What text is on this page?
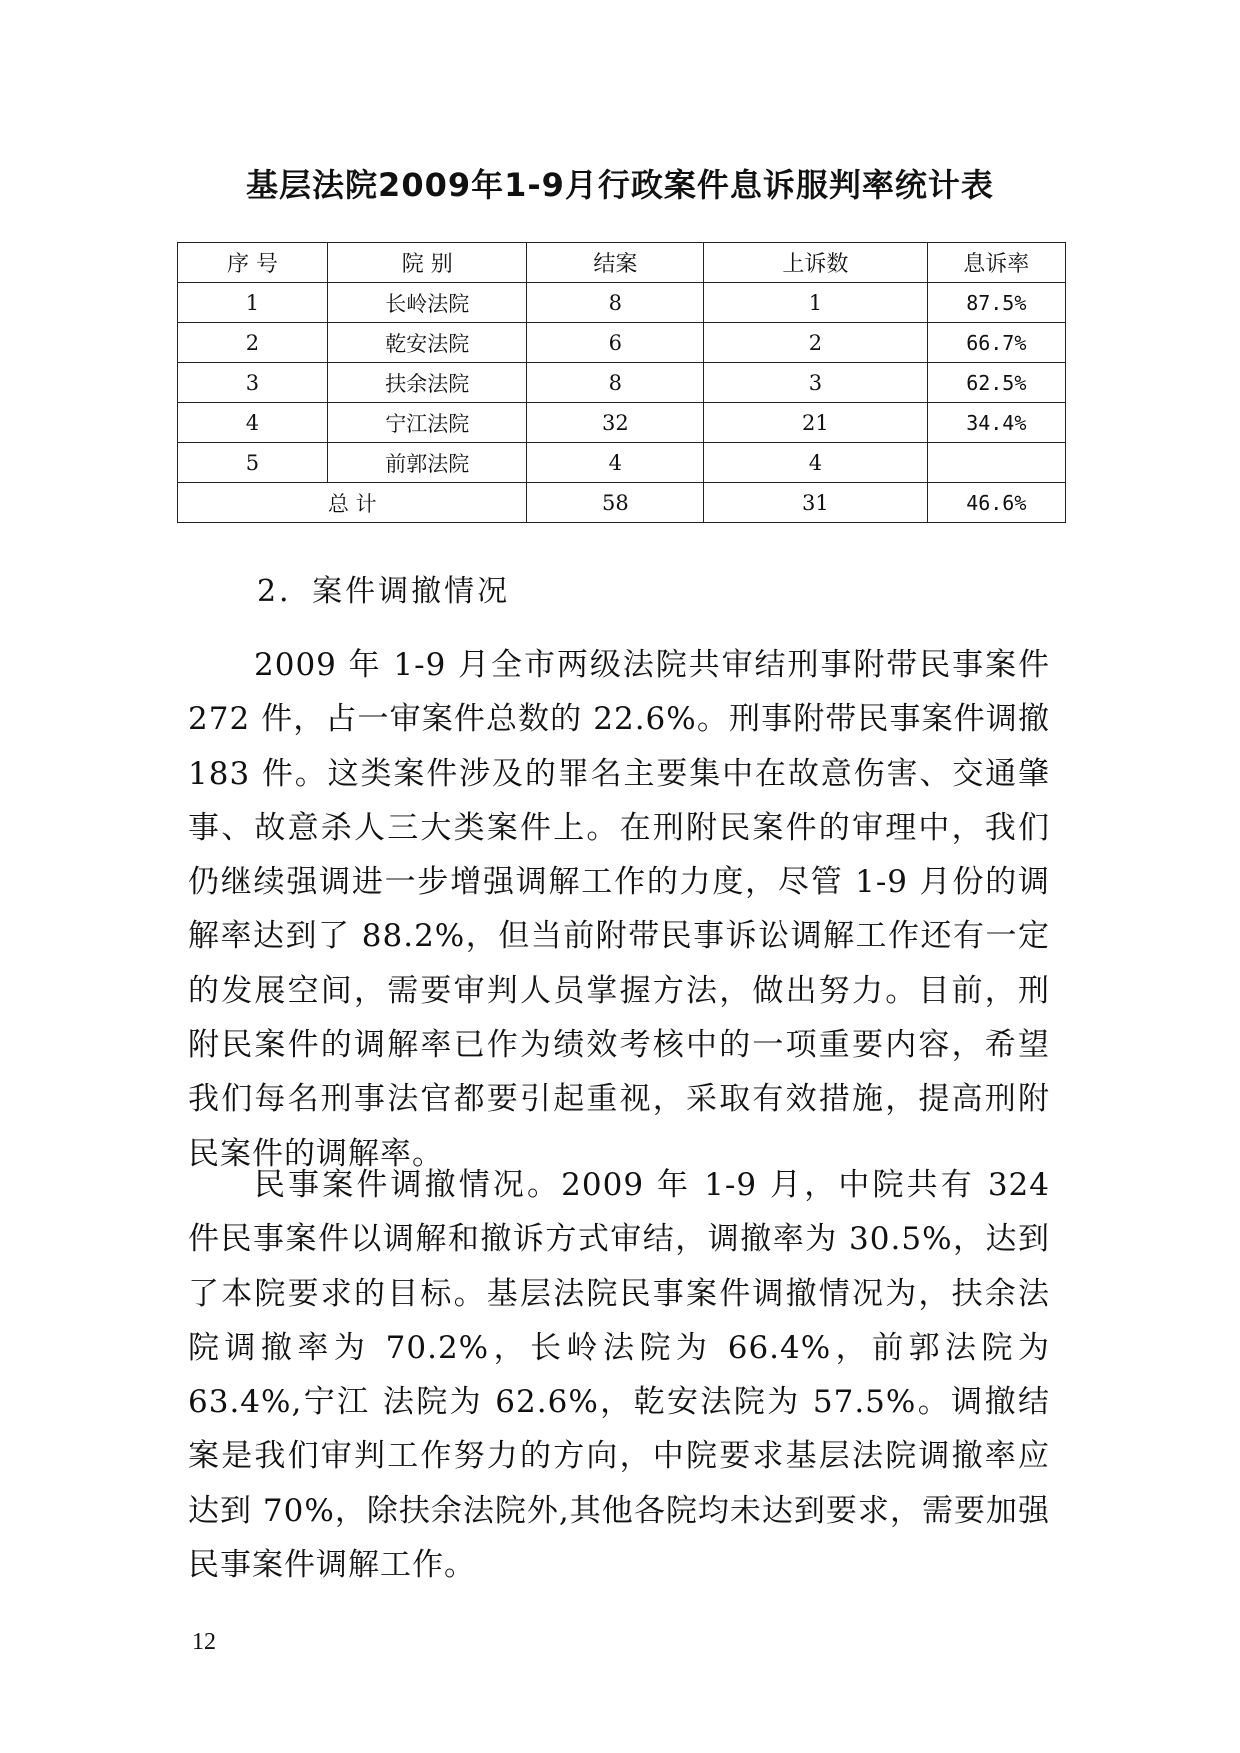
基层法院2009年1-9月行政案件息诉服判率统计表
序 号	院 别	结案	上诉数	息诉率
1	长岭法院	8	1	87.5%
2	乾安法院	6	2	66.7%
3	扶余法院	8	3	62.5%
4	宁江法院	32	21	34.4%
5	前郭法院	4	4	
总 计		58	31	46.6%
2．案件调撤情况

2009 年 1-9 月全市两级法院共审结刑事附带民事案件 272 件，占一审案件总数的 22.6%。刑事附带民事案件调撤 183 件。这类案件涉及的罪名主要集中在故意伤害、交通肇事、故意杀人三大类案件上。在刑附民案件的审理中，我们仍继续强调进一步增强调解工作的力度，尽管 1-9 月份的调解率达到了 88.2%，但当前附带民事诉讼调解工作还有一定的发展空间，需要审判人员掌握方法，做出努力。目前，刑附民案件的调解率已作为绩效考核中的一项重要内容，希望我们每名刑事法官都要引起重视，采取有效措施，提高刑附民案件的调解率。

民事案件调撤情况。2009 年 1-9 月，中院共有 324 件民事案件以调解和撤诉方式审结，调撤率为 30.5%，达到了本院要求的目标。基层法院民事案件调撤情况为，扶余法院调撤率为 70.2%，长岭法院为 66.4%，前郭法院为 63.4%,宁江 法院为 62.6%，乾安法院为 57.5%。调撤结案是我们审判工作努力的方向，中院要求基层法院调撤率应达到 70%，除扶余法院外,其他各院均未达到要求，需要加强民事案件调解工作。

12
